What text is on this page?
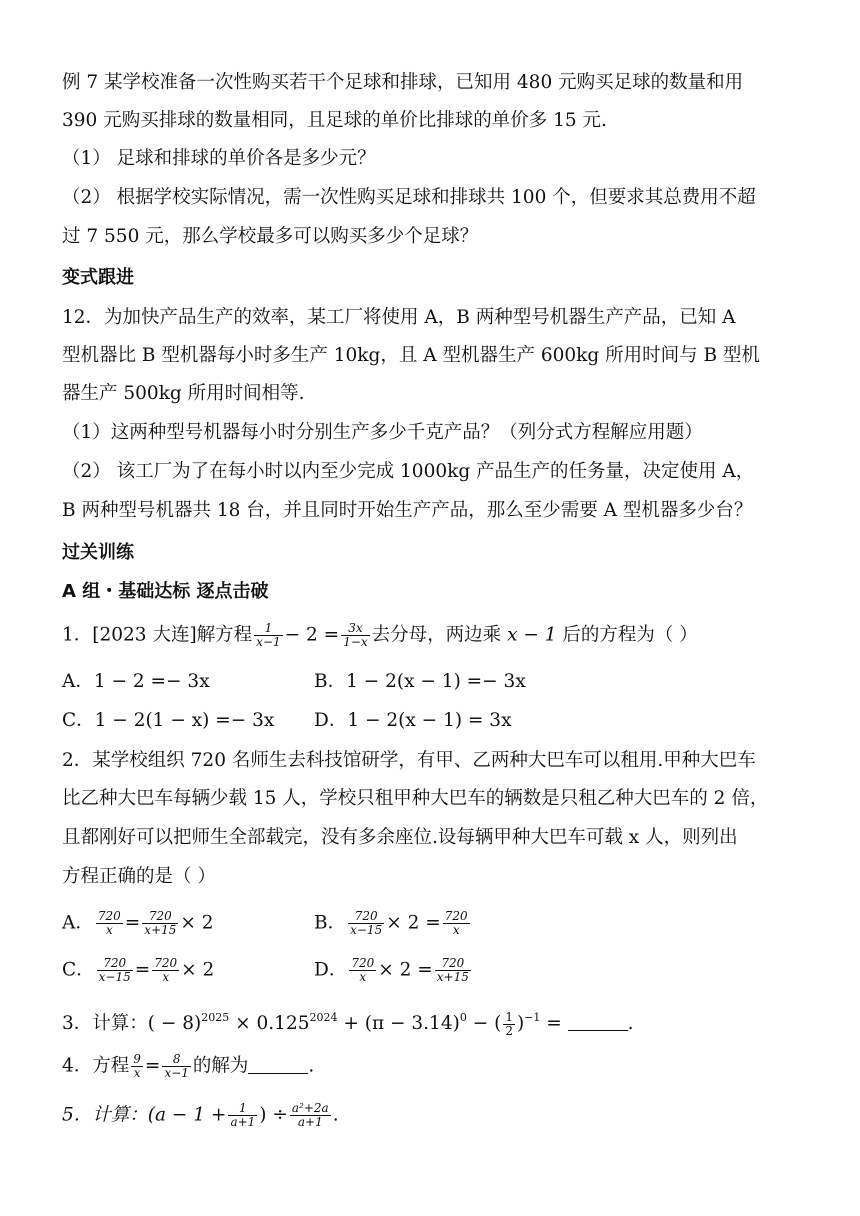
例 7 某学校准备一次性购买若干个足球和排球，已知用 480 元购买足球的数量和用
390 元购买排球的数量相同，且足球的单价比排球的单价多 15 元.
（1） 足球和排球的单价各是多少元？
（2） 根据学校实际情况，需一次性购买足球和排球共 100 个，但要求其总费用不超
过 7 550 元，那么学校最多可以购买多少个足球？
变式跟进
12．为加快产品生产的效率，某工厂将使用 A，B 两种型号机器生产产品，已知 A
型机器比 B 型机器每小时多生产 10kg，且 A 型机器生产 600kg 所用时间与 B 型机
器生产 500kg 所用时间相等.
（1）这两种型号机器每小时分别生产多少千克产品？（列分式方程解应用题）
（2） 该工厂为了在每小时以内至少完成 1000kg 产品生产的任务量，决定使用 A，
B 两种型号机器共 18 台，并且同时开始生产产品，那么至少需要 A 型机器多少台？
过关训练
A 组・基础达标 逐点击破
1．[2023 大连]解方程 $\frac{1}{x-1} - 2 = \frac{3x}{1-x}$ 去分母，两边乘 x − 1 后的方程为（ ）
A．1 − 2 =− 3x	B．1 − 2(x − 1) =− 3x
C．1 − 2(1 − x) =− 3x D．1 − 2(x − 1) = 3x
2．某学校组织 720 名师生去科技馆研学，有甲、乙两种大巴车可以租用.甲种大巴车
比乙种大巴车每辆少载 15 人，学校只租甲种大巴车的辆数是只租乙种大巴车的 2 倍，
且都刚好可以把师生全部载完，没有多余座位.设每辆甲种大巴车可载 x 人，则列出
方程正确的是（ ）
A． $\frac{720}{x} = \frac{720}{x+15} \times 2$	B． $\frac{720}{x-15} \times 2 = \frac{720}{x}$
C． $\frac{720}{x-15} = \frac{720}{x} \times 2$	D． $\frac{720}{x} \times 2 = \frac{720}{x+15}$
3．计算：( − $8)^{2025} \times 0.125^{2024} + (\pi - 3.14)^0$ − ( $\frac{1}{2} )^{-1}$ =	.
4．方程 $\frac{9}{x} = \frac{8}{x-1}$ 的解为	.
5．计算：($a - 1 + \frac{1}{a+1}$ ) ÷ $\frac{\text{a²+2a}}{a+1}$ .
